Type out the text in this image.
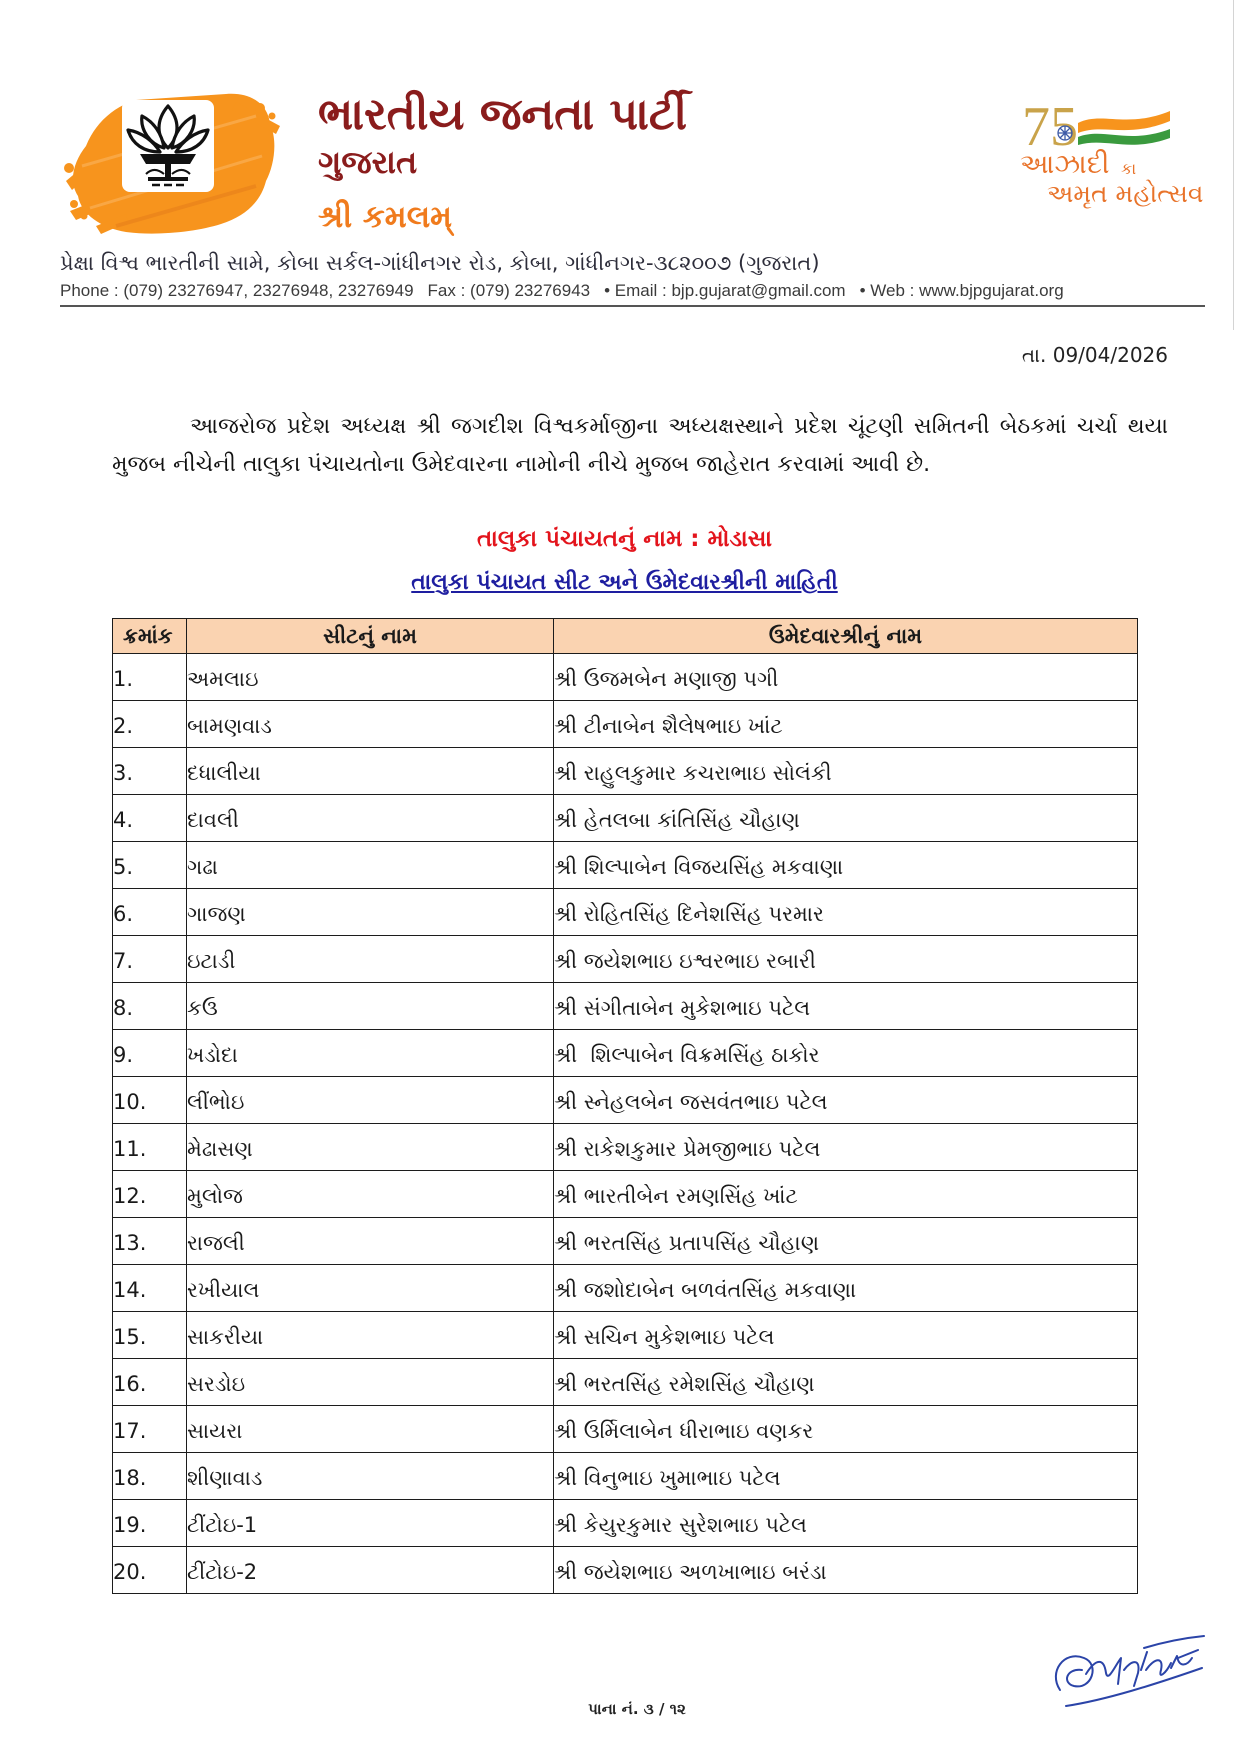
ભારતીય જનતા પાર્ટી
ગુજરાત
શ્રી કમલમ્
75
આઝાદી કા
અમૃત મહોત્સવ
પ્રેક્ષા વિશ્વ ભારતીની સામે, કોબા સર્કલ-ગાંધીનગર રોડ, કોબા, ગાંધીનગર-૩૮૨૦૦૭ (ગુજરાત)
Phone : (079) 23276947, 23276948, 23276949 Fax : (079) 23276943 • Email : bjp.gujarat@gmail.com • Web : www.bjpgujarat.org
તા. 09/04/2026
આજરોજ પ્રદેશ અધ્યક્ષ શ્રી જગદીશ વિશ્વકર્માજીના અધ્યક્ષસ્થાને પ્રદેશ ચૂંટણી સમિતની બેઠકમાં ચર્ચા થયા મુજબ નીચેની તાલુકા પંચાયતોના ઉમેદવારના નામોની નીચે મુજબ જાહેરાત કરવામાં આવી છે.
તાલુકા પંચાયતનું નામ : મોડાસા
તાલુકા પંચાયત સીટ અને ઉમેદવારશ્રીની માહિતી
ક્રમાંક	સીટનું નામ	ઉમેદવારશ્રીનું નામ
1.	અમલાઇ	શ્રી ઉજમબેન મણાજી પગી
2.	બામણવાડ	શ્રી ટીનાબેન શૈલેષભાઇ ખાંટ
3.	દધાલીયા	શ્રી રાહુલકુમાર કચરાભાઇ સોલંકી
4.	દાવલી	શ્રી હેતલબા કાંતિસિંહ ચૌહાણ
5.	ગઢા	શ્રી શિલ્પાબેન વિજયસિંહ મકવાણા
6.	ગાજણ	શ્રી રોહિતસિંહ દિનેશસિંહ પરમાર
7.	ઇટાડી	શ્રી જયેશભાઇ ઇશ્વરભાઇ રબારી
8.	કઉ	શ્રી સંગીતાબેન મુકેશભાઇ પટેલ
9.	ખડોદા	શ્રી  શિલ્પાબેન વિક્રમસિંહ ઠાકોર
10.	લીંભોઇ	શ્રી સ્નેહલબેન જસવંતભાઇ પટેલ
11.	મેઢાસણ	શ્રી રાકેશકુમાર પ્રેમજીભાઇ પટેલ
12.	મુલોજ	શ્રી ભારતીબેન રમણસિંહ ખાંટ
13.	રાજલી	શ્રી ભરતસિંહ પ્રતાપસિંહ ચૌહાણ
14.	રખીયાલ	શ્રી જશોદાબેન બળવંતસિંહ મકવાણા
15.	સાકરીયા	શ્રી સચિન મુકેશભાઇ પટેલ
16.	સરડોઇ	શ્રી ભરતસિંહ રમેશસિંહ ચૌહાણ
17.	સાયરા	શ્રી ઉર્મિલાબેન ધીરાભાઇ વણકર
18.	શીણાવાડ	શ્રી વિનુભાઇ ખુમાભાઇ પટેલ
19.	ટીંટોઇ-1	શ્રી કેયુરકુમાર સુરેશભાઇ પટેલ
20.	ટીંટોઇ-2	શ્રી જયેશભાઇ અળખાભાઇ બરંડા
પાના નં. ૩ / ૧૨
